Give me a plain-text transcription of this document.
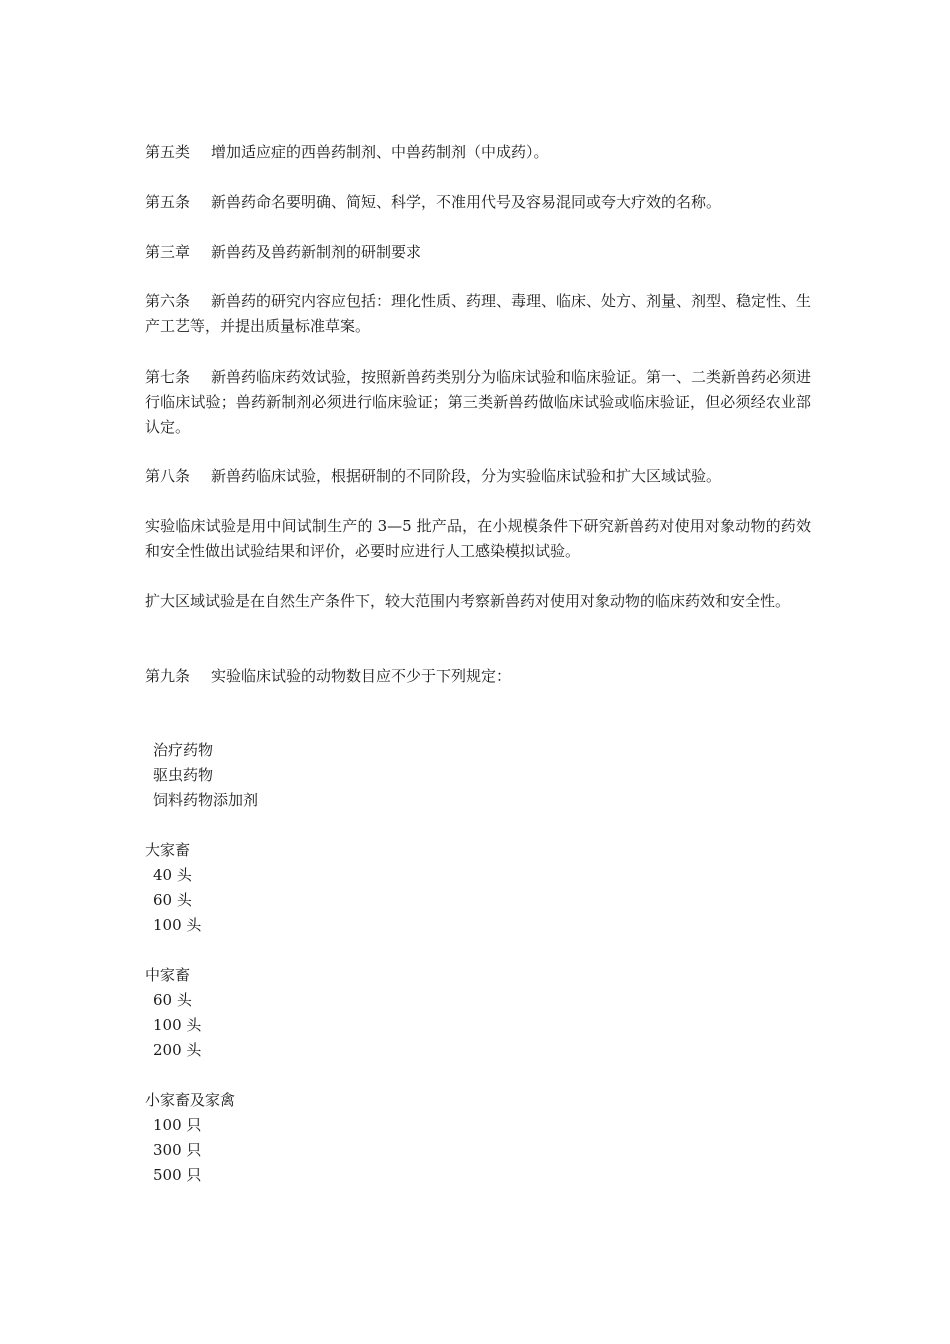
第五类 增加适应症的西兽药制剂、中兽药制剂（中成药）。

第五条 新兽药命名要明确、简短、科学，不准用代号及容易混同或夸大疗效的名称。

第三章 新兽药及兽药新制剂的研制要求

第六条 新兽药的研究内容应包括：理化性质、药理、毒理、临床、处方、剂量、剂型、稳定性、生产工艺等，并提出质量标准草案。

第七条 新兽药临床药效试验，按照新兽药类别分为临床试验和临床验证。第一、二类新兽药必须进行临床试验；兽药新制剂必须进行临床验证；第三类新兽药做临床试验或临床验证，但必须经农业部认定。

第八条 新兽药临床试验，根据研制的不同阶段，分为实验临床试验和扩大区域试验。

实验临床试验是用中间试制生产的 3—5 批产品，在小规模条件下研究新兽药对使用对象动物的药效和安全性做出试验结果和评价，必要时应进行人工感染模拟试验。

扩大区域试验是在自然生产条件下，较大范围内考察新兽药对使用对象动物的临床药效和安全性。

第九条 实验临床试验的动物数目应不少于下列规定：

治疗药物
驱虫药物
饲料药物添加剂
大家畜
40 头
60 头
100 头
中家畜
60 头
100 头
200 头
小家畜及家禽
100 只
300 只
500 只
